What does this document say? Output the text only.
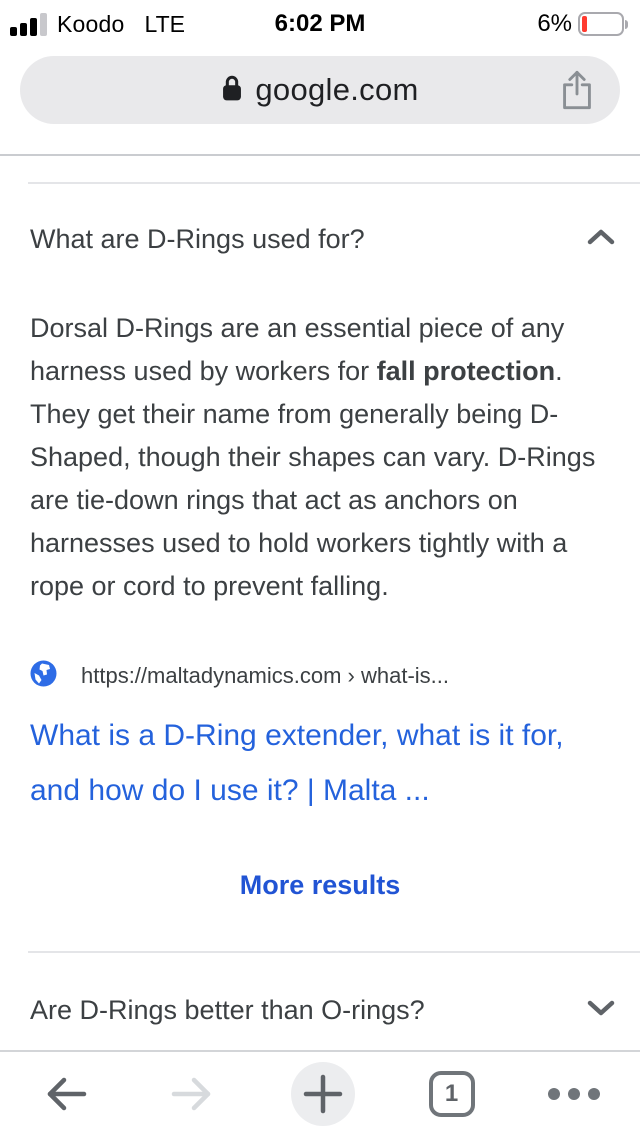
Koodo LTE	6:02 PM	6%
google.com
What are D-Rings used for?

Dorsal D-Rings are an essential piece of any harness used by workers for fall protection. They get their name from generally being D-Shaped, though their shapes can vary. D-Rings are tie-down rings that act as anchors on harnesses used to hold workers tightly with a rope or cord to prevent falling.

https://maltadynamics.com › what-is...
What is a D-Ring extender, what is it for, and how do I use it? | Malta ...
More results
Are D-Rings better than O-rings?
1
